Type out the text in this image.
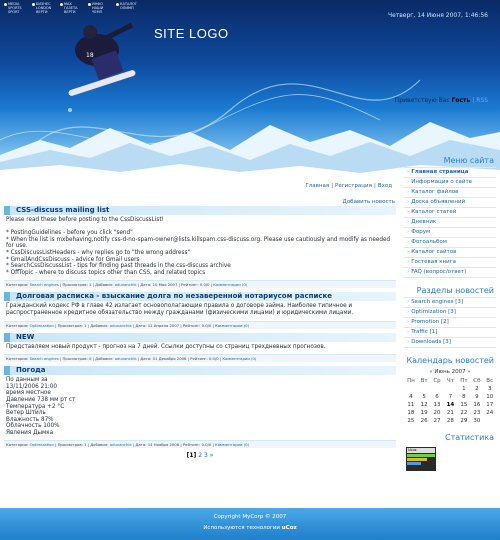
18
MEDIA SPORTS SPORT
БИЗНЕС LONDON ВЕРТИ
MAX ГАЗЕТА ВЕРТИ
ИНФО НАШИ ЧЕМП
КАТАЛОГ ОЛИМП
SITE LOGO
Четверг, 14 Июня 2007, 1:46:56
Приветствую Вас Гость | RSS
Главная | Регистрация | Вход
Добавить новость
CSS-discuss mailing list
Please read these before posting to the CssDiscussList!

* PostingGuidelines - before you click "send"
* When the list is mxbehaving,notify css-d-no-spam-owner@lists.killspam.css-discuss.org. Please use cautiously and modify as needed for use.
* CssDiscussListHeaders - why replies go to "the wrong address"
* GmailAndCssDiscuss - advice for Gmail users
* SearchCssDiscussList - tips for finding past threads in the css-discuss archive
* OffTopic - where to discuss topics other than CSS, and related topics
Категория: Search engines | Просмотров: 1 | Добавил: oduvanchik | Дата: 10 Мая 2007 | Рейтинг: 0.0/0 | Комментарии (0)
Долговая расписка - взыскание долга по незаверенной нотариусом расписке
Гражданский кодекс РФ в главе 42 излагает основополагающие правила о договоре займа. Наиболее типичное и распространенное кредитное обязательство между гражданами (физическими лицами) и юридическими лицами.
Категория: Optimization | Просмотров: 1 | Добавил: oduvanchik | Дата: 12 Апреля 2007 | Рейтинг: 0.0/0 | Комментарии (0)
NEW
Представляем новый продукт - прогноз на 7 дней. Ссылки доступны со страниц трехдневных прогнозов.
Категория: Search engines | Просмотров: 0 | Добавил: oduvanchik | Дата: 01 Декабря 2006 | Рейтинг: 0.0/0 | Комментарии (0)
Погода
По данным за
13/11/2006 21:00
время местное
Давление 738 мм рт ст
Температура +2 °C
Ветер Штиль
Влажность 87%
Облачность 100%
Явления Дымка
Категория: Optimization | Просмотров: 1 | Добавил: oduvanchik | Дата: 14 Ноября 2006 | Рейтинг: 0.0/0 | Комментарии (0)
[1] 2 3 »
Меню сайта
› Главная страница
› Информация о сайте
› Каталог файлов
› Доска объявлений
› Каталог статей
› Дневник
› Форум
› Фотоальбом
› Каталог сайтов
› Гостевая книга
› FAQ (вопрос/ответ)
Разделы новостей
› Search engines [3]
› Optimization [3]
› Promotion [2]
› Traffic [1]
› Downloads [3]
Календарь новостей
« Июнь 2007 »
Пн	Вт	Ср	Чт	Пт	Сб	Вс
				1	2	3
4	5	6	7	8	9	10
11	12	13	14	15	16	17
18	19	20	21	22	23	24
25	26	27	28	29	30	
Статистика
Ucoz
Copyright MyCorp © 2007
Используются технологии uCoz
